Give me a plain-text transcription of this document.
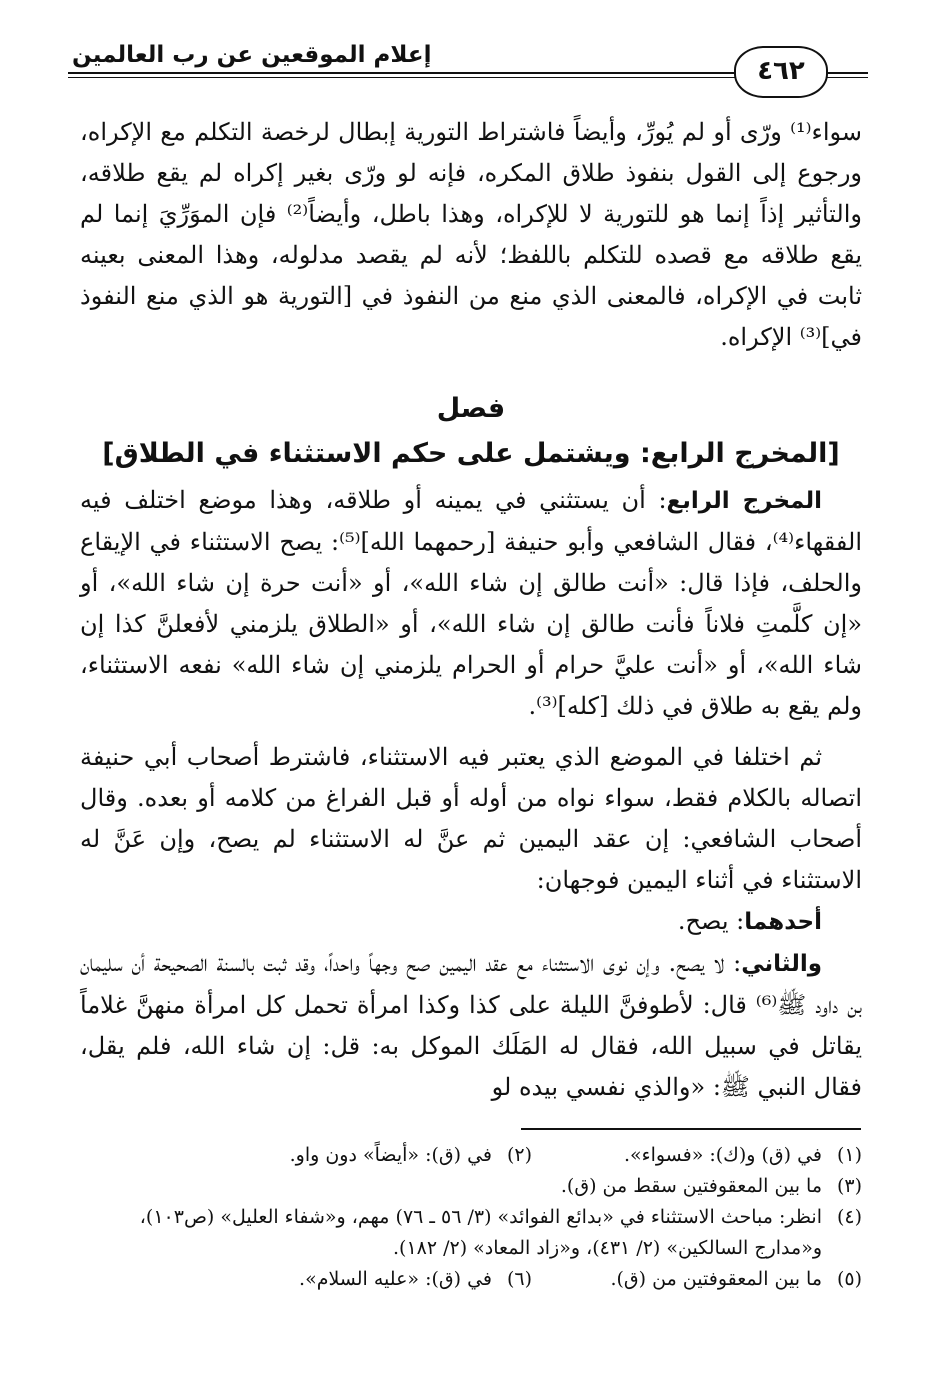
إعلام الموقعين عن رب العالمين
٤٦٢

سواء⁽¹⁾ ورّى أو لم يُورِّ، وأيضاً فاشتراط التورية إبطال لرخصة التكلم مع الإكراه، ورجوع إلى القول بنفوذ طلاق المكره، فإنه لو ورّى بغير إكراه لم يقع طلاقه، والتأثير إذاً إنما هو للتورية لا للإكراه، وهذا باطل، وأيضاً⁽²⁾ فإن الموَرِّيَ إنما لم يقع طلاقه مع قصده للتكلم باللفظ؛ لأنه لم يقصد مدلوله، وهذا المعنى بعينه ثابت في الإكراه، فالمعنى الذي منع من النفوذ في [التورية هو الذي منع النفوذ في]⁽³⁾ الإكراه.

فصل

[المخرج الرابع: ويشتمل على حكم الاستثناء في الطلاق]

المخرج الرابع: أن يستثني في يمينه أو طلاقه، وهذا موضع اختلف فيه الفقهاء⁽⁴⁾، فقال الشافعي وأبو حنيفة [رحمهما الله]⁽⁵⁾: يصح الاستثناء في الإيقاع والحلف، فإذا قال: «أنت طالق إن شاء الله»، أو «أنت حرة إن شاء الله»، أو «إن كلَّمتِ فلاناً فأنت طالق إن شاء الله»، أو «الطلاق يلزمني لأفعلنَّ كذا إن شاء الله»، أو «أنت عليَّ حرام أو الحرام يلزمني إن شاء الله» نفعه الاستثناء، ولم يقع به طلاق في ذلك [كله]⁽³⁾.

ثم اختلفا في الموضع الذي يعتبر فيه الاستثناء، فاشترط أصحاب أبي حنيفة اتصاله بالكلام فقط، سواء نواه من أوله أو قبل الفراغ من كلامه أو بعده. وقال أصحاب الشافعي: إن عقد اليمين ثم عنَّ له الاستثناء لم يصح، وإن عَنَّ له الاستثناء في أثناء اليمين فوجهان:

أحدهما: يصح.

والثاني: لا يصح. وإن نوى الاستثناء مع عقد اليمين صح وجهاً واحداً، وقد ثبت بالسنة الصحيحة أن سليمان بن داود ﷺ⁽⁶⁾ قال: لأطوفنَّ الليلة على كذا وكذا امرأة تحمل كل امرأة منهنَّ غلاماً يقاتل في سبيل الله، فقال له المَلَك الموكل به: قل: إن شاء الله، فلم يقل، فقال النبي ﷺ: «والذي نفسي بيده لو

(١)
في (ق) و(ك): «فسواء».
(٢)
في (ق): «أيضاً» دون واو.
(٣)
ما بين المعقوفتين سقط من (ق).
(٤)
انظر: مباحث الاستثناء في «بدائع الفوائد» (٣/ ٥٦ ـ ٧٦) مهم، و«شفاء العليل» (ص١٠٣)، و«مدارج السالكين» (٢/ ٤٣١)، و«زاد المعاد» (٢/ ١٨٢).
(٥)
ما بين المعقوفتين من (ق).
(٦)
في (ق): «عليه السلام».
